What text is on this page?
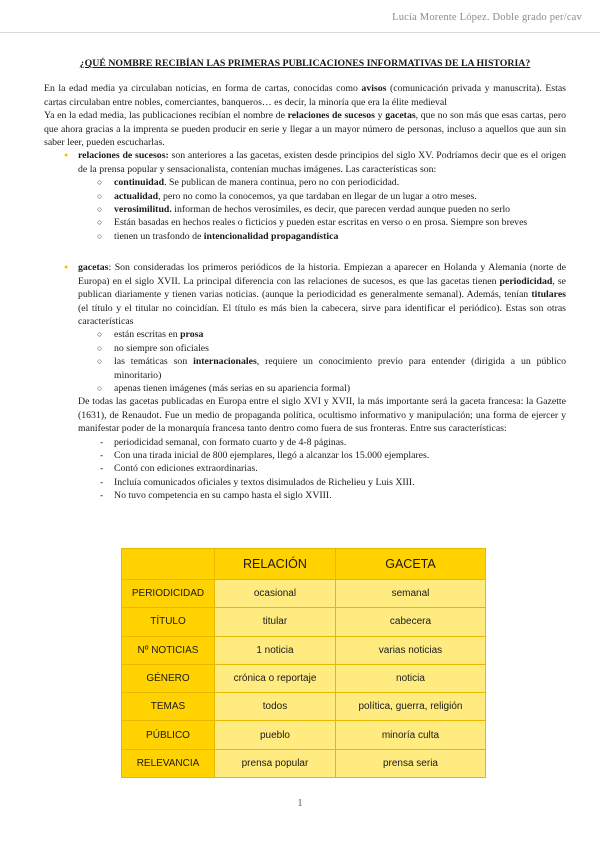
Lucía Morente López. Doble grado per/cav
¿QUÉ NOMBRE RECIBÍAN LAS PRIMERAS PUBLICACIONES INFORMATIVAS DE LA HISTORIA?

En la edad media ya circulaban noticias, en forma de cartas, conocidas como avisos (comunicación privada y manuscrita). Estas cartas circulaban entre nobles, comerciantes, banqueros… es decir, la minoría que era la élite medieval

Ya en la edad media, las publicaciones recibían el nombre de relaciones de sucesos y gacetas, que no son más que esas cartas, pero que ahora gracias a la imprenta se pueden producir en serie y llegar a un mayor número de personas, incluso a aquellos que aun sin saber leer, pueden escucharlas.

● relaciones de sucesos: son anteriores a las gacetas, existen desde principios del siglo XV. Podríamos decir que es el origen de la prensa popular y sensacionalista, contenían muchas imágenes. Las características son:
○ continuidad. Se publican de manera continua, pero no con periodicidad.
○ actualidad, pero no como la conocemos, ya que tardaban en llegar de un lugar a otro meses.
○ verosimilitud. informan de hechos verosímiles, es decir, que parecen verdad aunque pueden no serlo
○ Están basadas en hechos reales o ficticios y pueden estar escritas en verso o en prosa. Siempre son breves
○ tienen un trasfondo de intencionalidad propagandística
● gacetas: Son consideradas los primeros periódicos de la historia. Empiezan a aparecer en Holanda y Alemania (norte de Europa) en el siglo XVII. La principal diferencia con las relaciones de sucesos, es que las gacetas tienen periodicidad, se publican diariamente y tienen varias noticias. (aunque la periodicidad es generalmente semanal). Además, tenían titulares (el título y el titular no coincidían. El título es más bien la cabecera, sirve para identificar el periódico). Estas son otras características
○ están escritas en prosa
○ no siempre son oficiales
○ las temáticas son internacionales, requiere un conocimiento previo para entender (dirigida a un público minoritario)
○ apenas tienen imágenes (más serias en su apariencia formal)

De todas las gacetas publicadas en Europa entre el siglo XVI y XVII, la más importante será la gaceta francesa: la Gazette (1631), de Renaudot. Fue un medio de propaganda política, ocultismo informativo y manipulación; una forma de ejercer y manifestar poder de la monarquía francesa tanto dentro como fuera de sus fronteras. Entre sus características:

- periodicidad semanal, con formato cuarto y de 4-8 páginas.
- Con una tirada inicial de 800 ejemplares, llegó a alcanzar los 15.000 ejemplares.
- Contó con ediciones extraordinarias.
- Incluía comunicados oficiales y textos disimulados de Richelieu y Luis XIII.
- No tuvo competencia en su campo hasta el siglo XVIII.
	RELACIÓN	GACETA
PERIODICIDAD	ocasional	semanal
TÍTULO	titular	cabecera
Nº NOTICIAS	1 noticia	varias noticias
GÉNERO	crónica o reportaje	noticia
TEMAS	todos	política, guerra, religión
PÚBLICO	pueblo	minoría culta
RELEVANCIA	prensa popular	prensa seria
1
